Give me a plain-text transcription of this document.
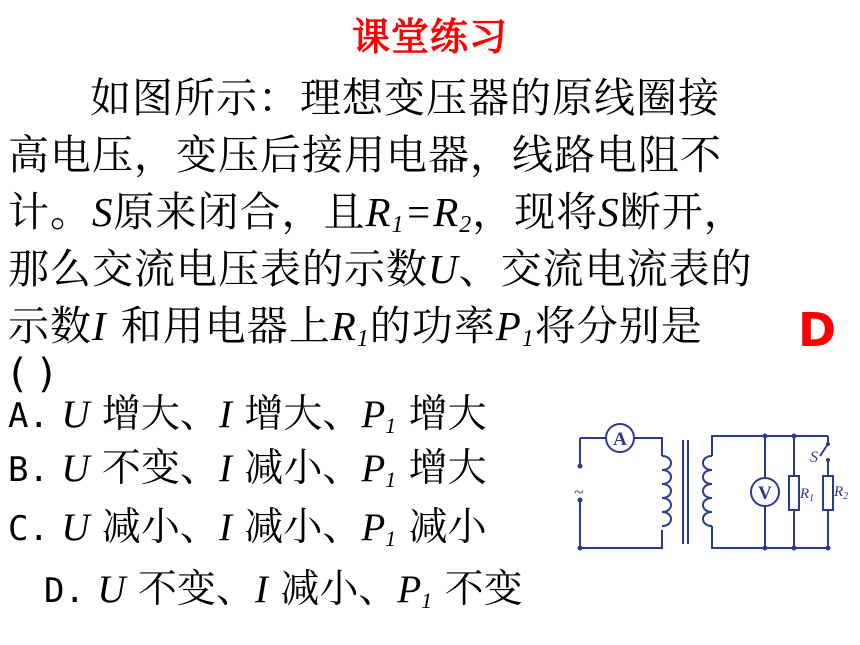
课堂练习
如图所示：理想变压器的原线圈接
高电压，变压后接用电器，线路电阻不
计。S原来闭合，且$R_1=R_2$，现将S断开，
那么交流电压表的示数U、交流电流表的
示数I 和用电器上$R_1$的功率$P_1$将分别是 D
( )
A. U 增大、I 增大、$P_1$ 增大
B. U 不变、I 减小、$P_1$ 增大
C. U 减小、I 减小、$P_1$ 减小
D. U 不变、I 减小、$P_1$ 不变
A
V
~
S
$R_1$ $R_2$
